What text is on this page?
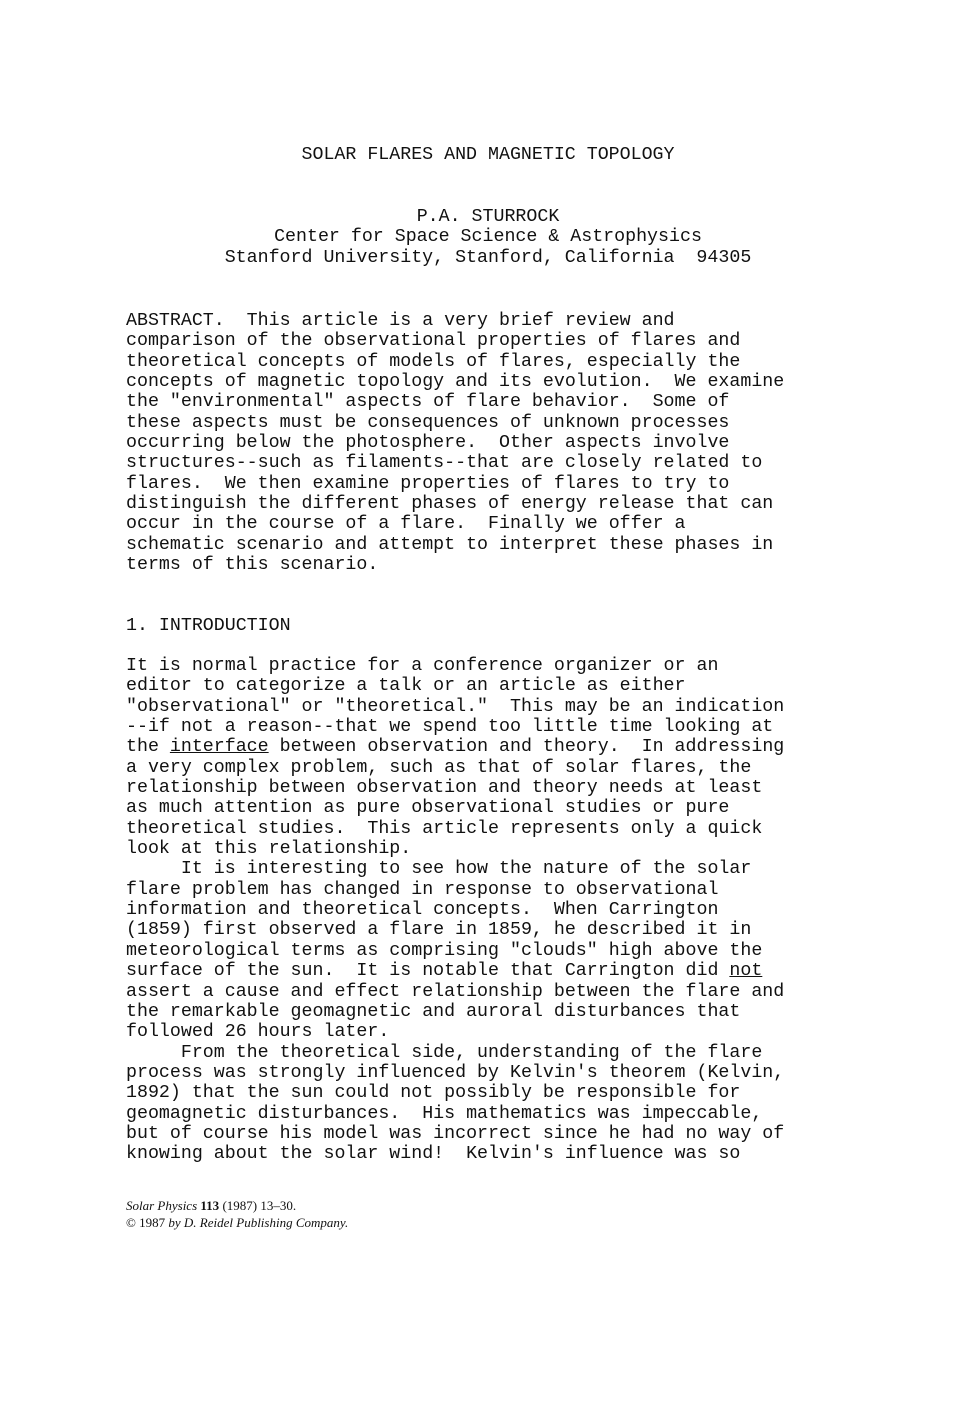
SOLAR FLARES AND MAGNETIC TOPOLOGY
P.A. STURROCK
Center for Space Science & Astrophysics
Stanford University, Stanford, California  94305
ABSTRACT.  This article is a very brief review and
comparison of the observational properties of flares and
theoretical concepts of models of flares, especially the
concepts of magnetic topology and its evolution.  We examine
the "environmental" aspects of flare behavior.  Some of
these aspects must be consequences of unknown processes
occurring below the photosphere.  Other aspects involve
structures--such as filaments--that are closely related to
flares.  We then examine properties of flares to try to
distinguish the different phases of energy release that can
occur in the course of a flare.  Finally we offer a
schematic scenario and attempt to interpret these phases in
terms of this scenario.
1. INTRODUCTION
It is normal practice for a conference organizer or an
editor to categorize a talk or an article as either
"observational" or "theoretical."  This may be an indication
--if not a reason--that we spend too little time looking at
the interface between observation and theory.  In addressing
a very complex problem, such as that of solar flares, the
relationship between observation and theory needs at least
as much attention as pure observational studies or pure
theoretical studies.  This article represents only a quick
look at this relationship.
It is interesting to see how the nature of the solar
flare problem has changed in response to observational
information and theoretical concepts.  When Carrington
(1859) first observed a flare in 1859, he described it in
meteorological terms as comprising "clouds" high above the
surface of the sun.  It is notable that Carrington did not
assert a cause and effect relationship between the flare and
the remarkable geomagnetic and auroral disturbances that
followed 26 hours later.
From the theoretical side, understanding of the flare
process was strongly influenced by Kelvin's theorem (Kelvin,
1892) that the sun could not possibly be responsible for
geomagnetic disturbances.  His mathematics was impeccable,
but of course his model was incorrect since he had no way of
knowing about the solar wind!  Kelvin's influence was so
Solar Physics 113 (1987) 13–30.
© 1987 by D. Reidel Publishing Company.
